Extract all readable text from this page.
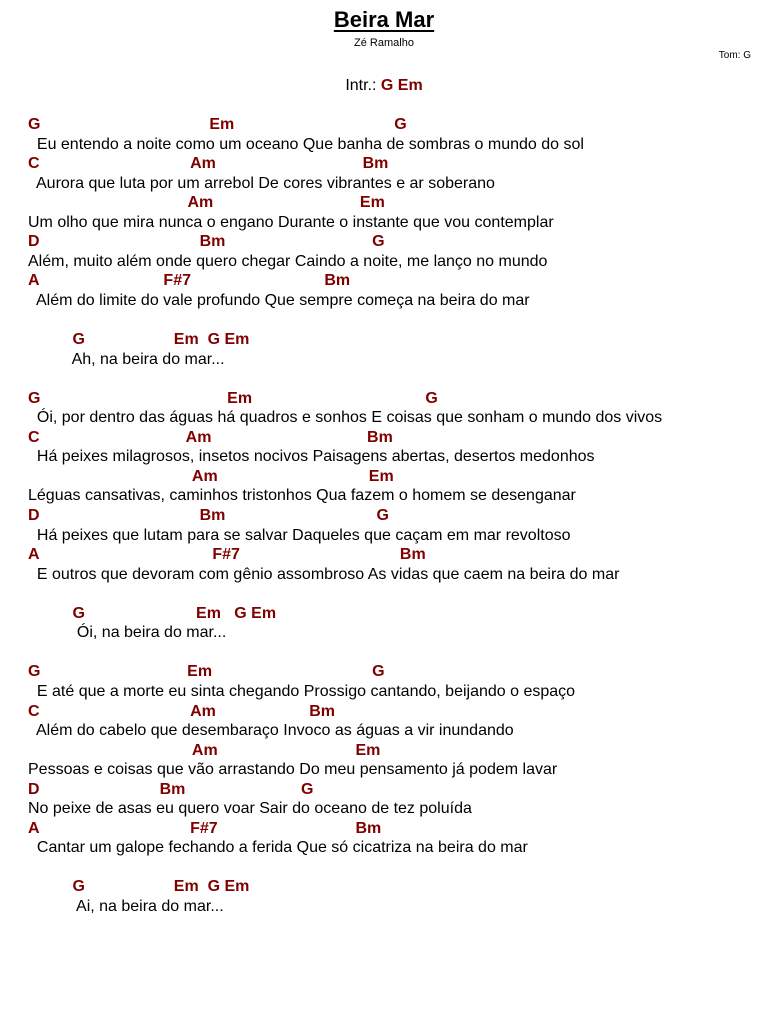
Beira Mar
Zé Ramalho
Tom: G
Intr.: G Em
G                                      Em                                    G
Eu entendo a noite como um oceano Que banha de sombras o mundo do sol
C                                  Am                                 Bm
Aurora que luta por um arrebol De cores vibrantes e ar soberano
Am                                 Em
Um olho que mira nunca o engano Durante o instante que vou contemplar
D                                    Bm                                 G
Além, muito além onde quero chegar Caindo a noite, me lanço no mundo
A                            F#7                              Bm
Além do limite do vale profundo Que sempre começa na beira do mar
G                    Em  G Em
Ah, na beira do mar...
G                                          Em                                       G
Ói, por dentro das águas há quadros e sonhos E coisas que sonham o mundo dos vivos
C                                 Am                                   Bm
Há peixes milagrosos, insetos nocivos Paisagens abertas, desertos medonhos
Am                                  Em
Léguas cansativas, caminhos tristonhos Qua fazem o homem se desenganar
D                                    Bm                                  G
Há peixes que lutam para se salvar Daqueles que caçam em mar revoltoso
A                                       F#7                                    Bm
E outros que devoram com gênio assombroso As vidas que caem na beira do mar
G                         Em   G Em
Ói, na beira do mar...
G                                 Em                                    G
E até que a morte eu sinta chegando Prossigo cantando, beijando o espaço
C                                  Am                     Bm
Além do cabelo que desembaraço Invoco as águas a vir inundando
Am                               Em
Pessoas e coisas que vão arrastando Do meu pensamento já podem lavar
D                           Bm                          G
No peixe de asas eu quero voar Sair do oceano de tez poluída
A                                  F#7                               Bm
Cantar um galope fechando a ferida Que só cicatriza na beira do mar
G                    Em  G Em
Ai, na beira do mar...
